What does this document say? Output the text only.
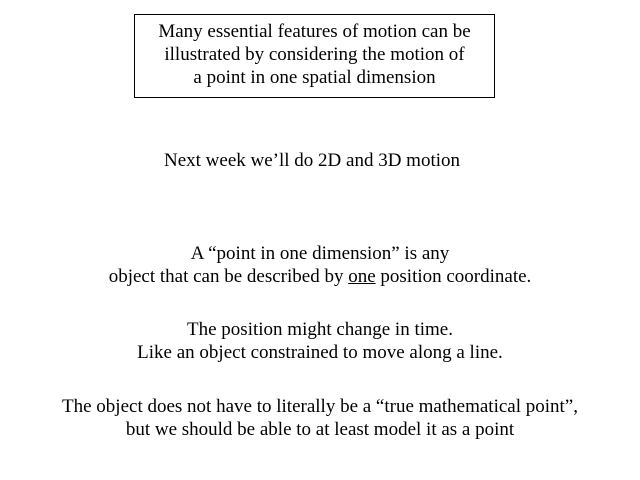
Many essential features of motion can be
illustrated by considering the motion of
a point in one spatial dimension
Next week we’ll do 2D and 3D motion
A “point in one dimension” is any
object that can be described by one position coordinate.
The position might change in time.
Like an object constrained to move along a line.
The object does not have to literally be a “true mathematical point”,
but we should be able to at least model it as a point
